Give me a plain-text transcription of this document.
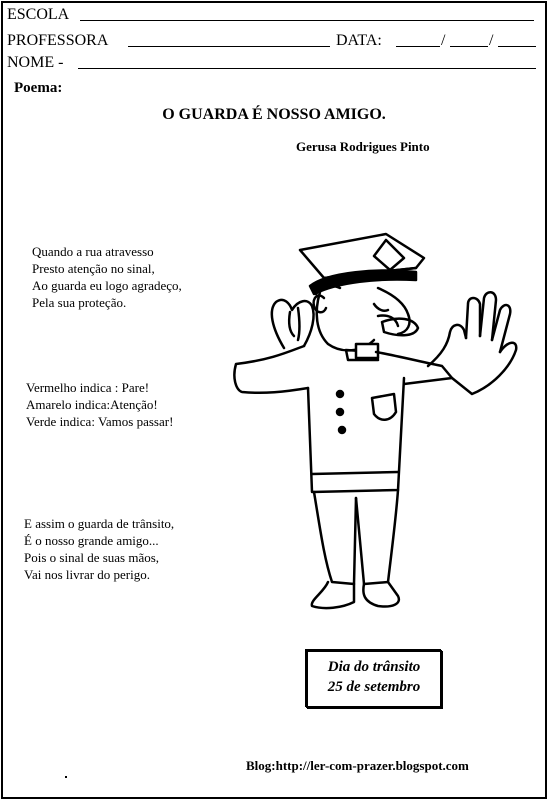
ESCOLA
PROFESSORA	DATA:	/	/
NOME -
Poema:
O GUARDA É NOSSO AMIGO.
Gerusa Rodrigues Pinto
Quando a rua atravesso
Presto atenção no sinal,
Ao guarda eu logo agradeço,
Pela sua proteção.
Vermelho indica : Pare!
Amarelo indica:Atenção!
Verde indica: Vamos passar!
E assim o guarda de trânsito,
É o nosso grande amigo...
Pois o sinal de suas mãos,
Vai nos livrar do perigo.
Dia do trânsito
25 de setembro
Blog:http://ler-com-prazer.blogspot.com
